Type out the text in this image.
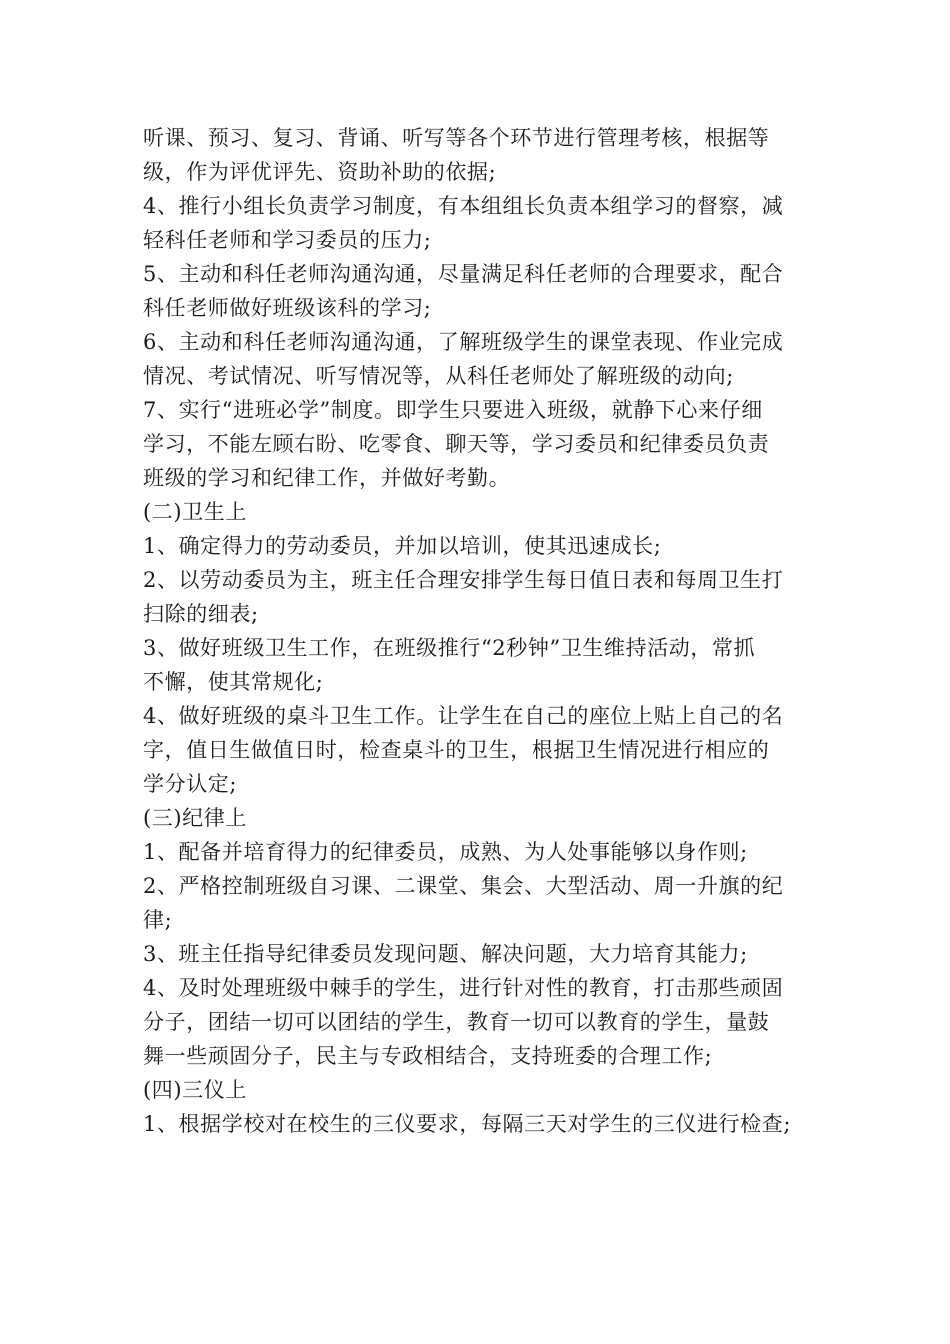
听课、预习、复习、背诵、听写等各个环节进行管理考核，根据等

级，作为评优评先、资助补助的依据;

4、推行小组长负责学习制度，有本组组长负责本组学习的督察，减

轻科任老师和学习委员的压力;

5、主动和科任老师沟通沟通，尽量满足科任老师的合理要求，配合

科任老师做好班级该科的学习;

6、主动和科任老师沟通沟通，了解班级学生的课堂表现、作业完成

情况、考试情况、听写情况等，从科任老师处了解班级的动向;

7、实行“进班必学”制度。即学生只要进入班级，就静下心来仔细

学习，不能左顾右盼、吃零食、聊天等，学习委员和纪律委员负责

班级的学习和纪律工作，并做好考勤。

(二)卫生上

1、确定得力的劳动委员，并加以培训，使其迅速成长;

2、以劳动委员为主，班主任合理安排学生每日值日表和每周卫生打

扫除的细表;

3、做好班级卫生工作，在班级推行“2秒钟”卫生维持活动，常抓

不懈，使其常规化;

4、做好班级的桌斗卫生工作。让学生在自己的座位上贴上自己的名

字，值日生做值日时，检查桌斗的卫生，根据卫生情况进行相应的

学分认定;

(三)纪律上

1、配备并培育得力的纪律委员，成熟、为人处事能够以身作则;

2、严格控制班级自习课、二课堂、集会、大型活动、周一升旗的纪

律;

3、班主任指导纪律委员发现问题、解决问题，大力培育其能力;

4、及时处理班级中棘手的学生，进行针对性的教育，打击那些顽固

分子，团结一切可以团结的学生，教育一切可以教育的学生，量鼓

舞一些顽固分子，民主与专政相结合，支持班委的合理工作;

(四)三仪上

1、根据学校对在校生的三仪要求，每隔三天对学生的三仪进行检查;
